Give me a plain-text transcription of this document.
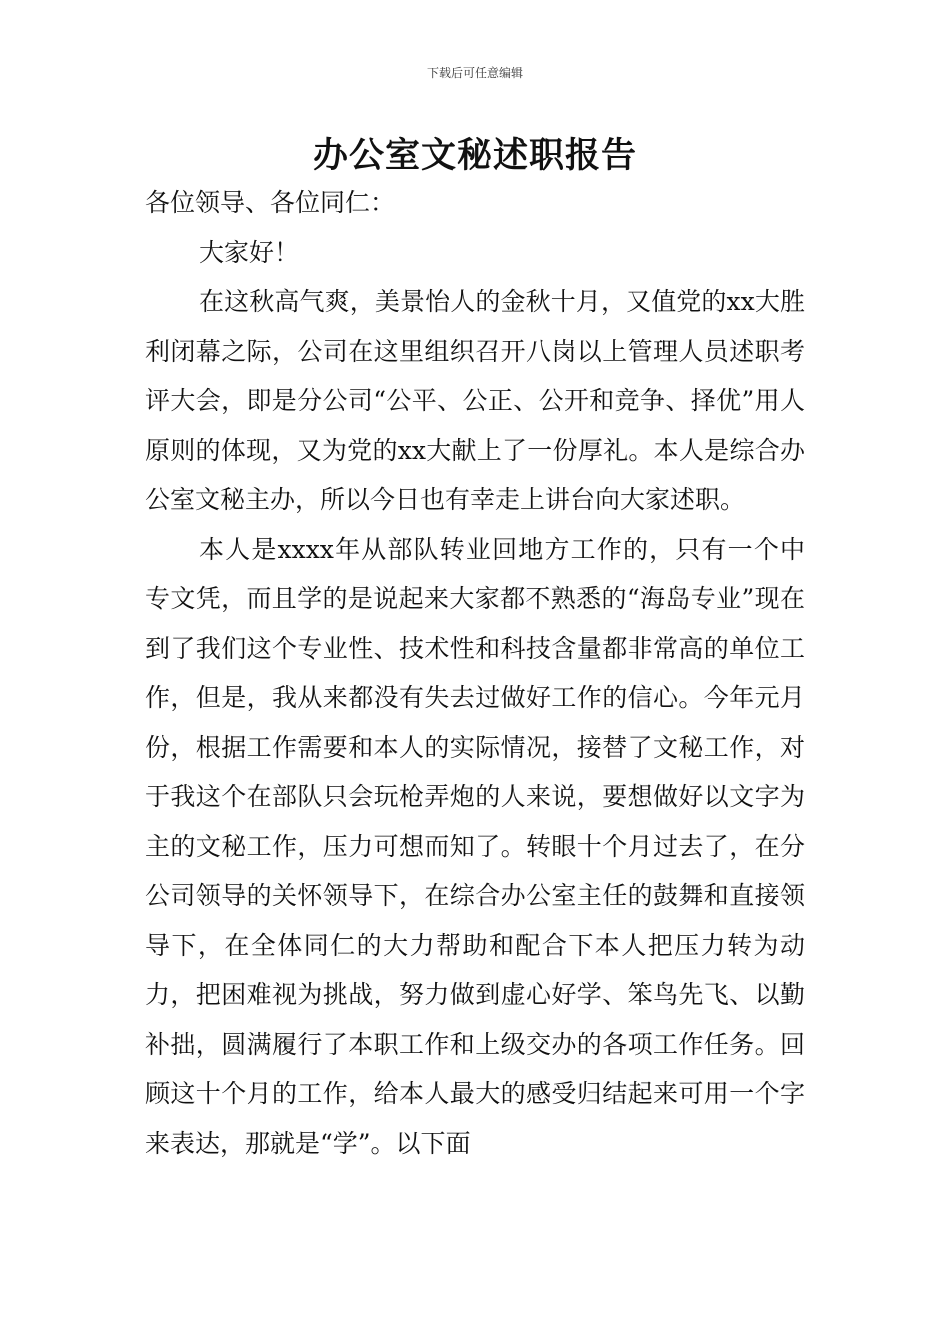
下载后可任意编辑
办公室文秘述职报告

各位领导、各位同仁：

大家好！

在这秋高气爽，美景怡人的金秋十月，又值党的xx大胜利闭幕之际，公司在这里组织召开八岗以上管理人员述职考评大会，即是分公司“公平、公正、公开和竞争、择优”用人原则的体现，又为党的xx大献上了一份厚礼。本人是综合办公室文秘主办，所以今日也有幸走上讲台向大家述职。

本人是xxxx年从部队转业回地方工作的，只有一个中专文凭，而且学的是说起来大家都不熟悉的“海岛专业”现在到了我们这个专业性、技术性和科技含量都非常高的单位工作，但是，我从来都没有失去过做好工作的信心。今年元月份，根据工作需要和本人的实际情况，接替了文秘工作，对于我这个在部队只会玩枪弄炮的人来说，要想做好以文字为主的文秘工作，压力可想而知了。转眼十个月过去了，在分公司领导的关怀领导下，在综合办公室主任的鼓舞和直接领导下，在全体同仁的大力帮助和配合下本人把压力转为动力，把困难视为挑战，努力做到虚心好学、笨鸟先飞、以勤补拙，圆满履行了本职工作和上级交办的各项工作任务。回顾这十个月的工作，给本人最大的感受归结起来可用一个字来表达，那就是“学”。以下面
